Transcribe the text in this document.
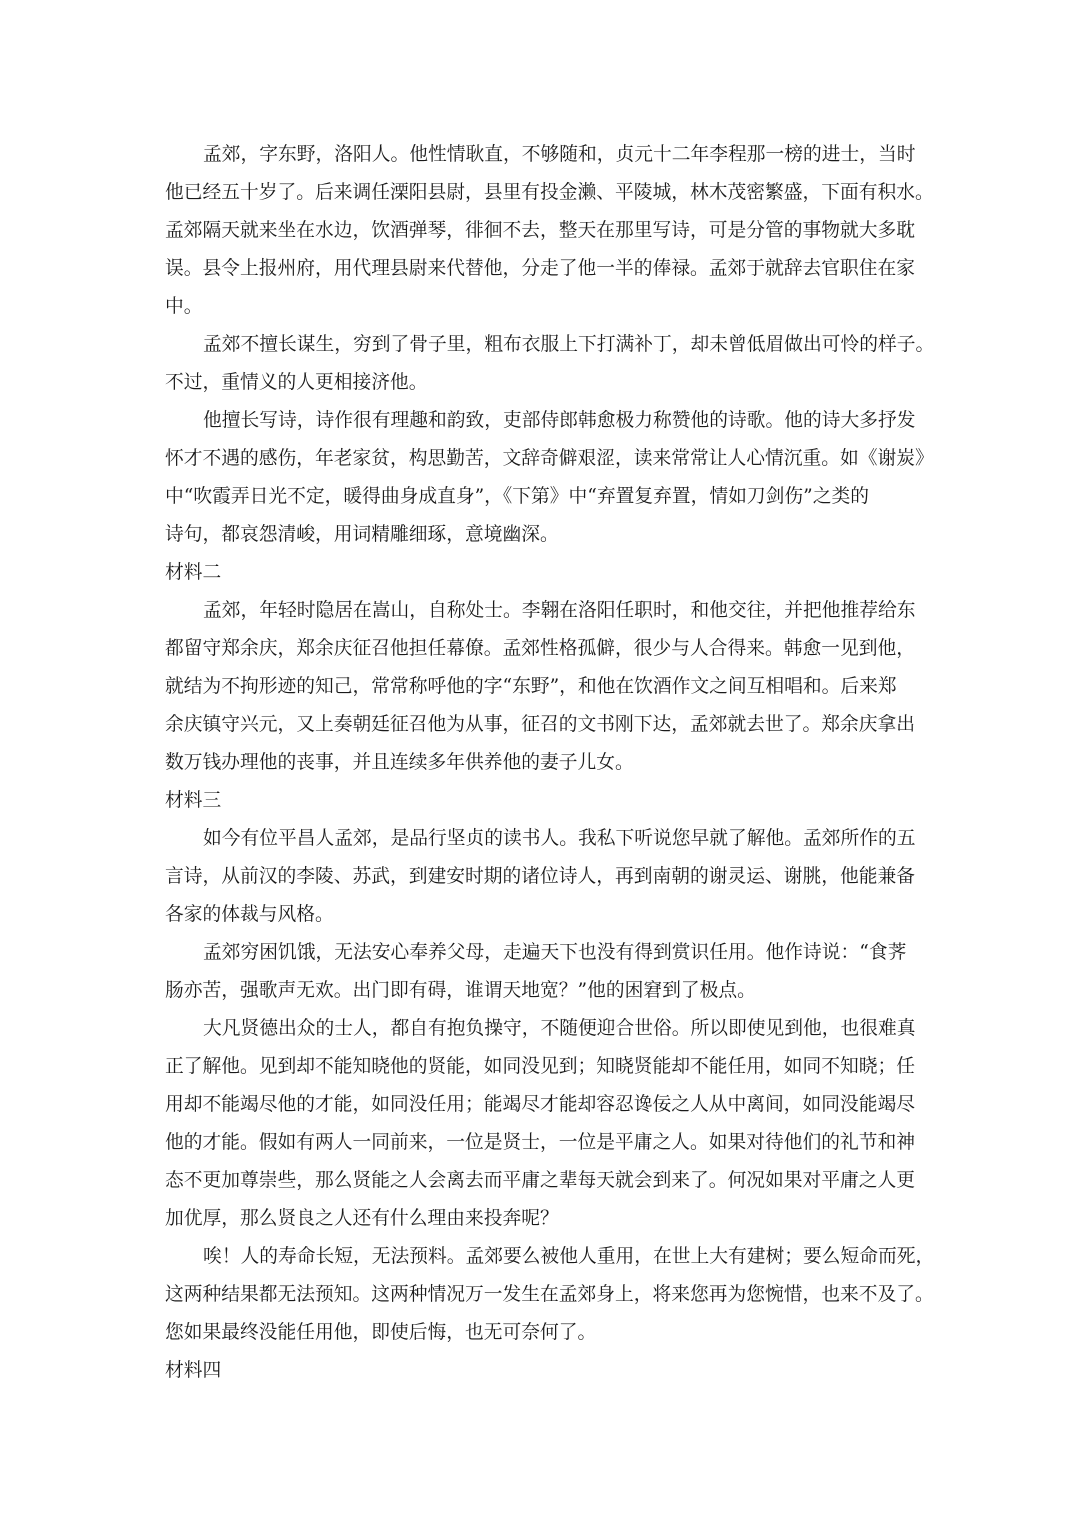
孟郊，字东野，洛阳人。他性情耿直，不够随和，贞元十二年李程那一榜的进士，当时
他已经五十岁了。后来调任溧阳县尉，县里有投金濑、平陵城，林木茂密繁盛，下面有积水。
孟郊隔天就来坐在水边，饮酒弹琴，徘徊不去，整天在那里写诗，可是分管的事物就大多耽
误。县令上报州府，用代理县尉来代替他，分走了他一半的俸禄。孟郊于就辞去官职住在家
中。
孟郊不擅长谋生，穷到了骨子里，粗布衣服上下打满补丁，却未曾低眉做出可怜的样子。
不过，重情义的人更相接济他。
他擅长写诗，诗作很有理趣和韵致，吏部侍郎韩愈极力称赞他的诗歌。他的诗大多抒发
怀才不遇的感伤，年老家贫，构思勤苦，文辞奇僻艰涩，读来常常让人心情沉重。如《谢炭》
中“吹霞弄日光不定，暖得曲身成直身”，《下第》中“弃置复弃置，情如刀剑伤”之类的
诗句，都哀怨清峻，用词精雕细琢，意境幽深。
材料二
孟郊，年轻时隐居在嵩山，自称处士。李翱在洛阳任职时，和他交往，并把他推荐给东
都留守郑余庆，郑余庆征召他担任幕僚。孟郊性格孤僻，很少与人合得来。韩愈一见到他，
就结为不拘形迹的知己，常常称呼他的字“东野”，和他在饮酒作文之间互相唱和。后来郑
余庆镇守兴元，又上奏朝廷征召他为从事，征召的文书刚下达，孟郊就去世了。郑余庆拿出
数万钱办理他的丧事，并且连续多年供养他的妻子儿女。
材料三
如今有位平昌人孟郊，是品行坚贞的读书人。我私下听说您早就了解他。孟郊所作的五
言诗，从前汉的李陵、苏武，到建安时期的诸位诗人，再到南朝的谢灵运、谢朓，他能兼备
各家的体裁与风格。
孟郊穷困饥饿，无法安心奉养父母，走遍天下也没有得到赏识任用。他作诗说：“食荠
肠亦苦，强歌声无欢。出门即有碍，谁谓天地宽？”他的困窘到了极点。
大凡贤德出众的士人，都自有抱负操守，不随便迎合世俗。所以即使见到他，也很难真
正了解他。见到却不能知晓他的贤能，如同没见到；知晓贤能却不能任用，如同不知晓；任
用却不能竭尽他的才能，如同没任用；能竭尽才能却容忍谗佞之人从中离间，如同没能竭尽
他的才能。假如有两人一同前来，一位是贤士，一位是平庸之人。如果对待他们的礼节和神
态不更加尊崇些，那么贤能之人会离去而平庸之辈每天就会到来了。何况如果对平庸之人更
加优厚，那么贤良之人还有什么理由来投奔呢？
唉！人的寿命长短，无法预料。孟郊要么被他人重用，在世上大有建树；要么短命而死，
这两种结果都无法预知。这两种情况万一发生在孟郊身上，将来您再为您惋惜，也来不及了。
您如果最终没能任用他，即使后悔，也无可奈何了。
材料四
